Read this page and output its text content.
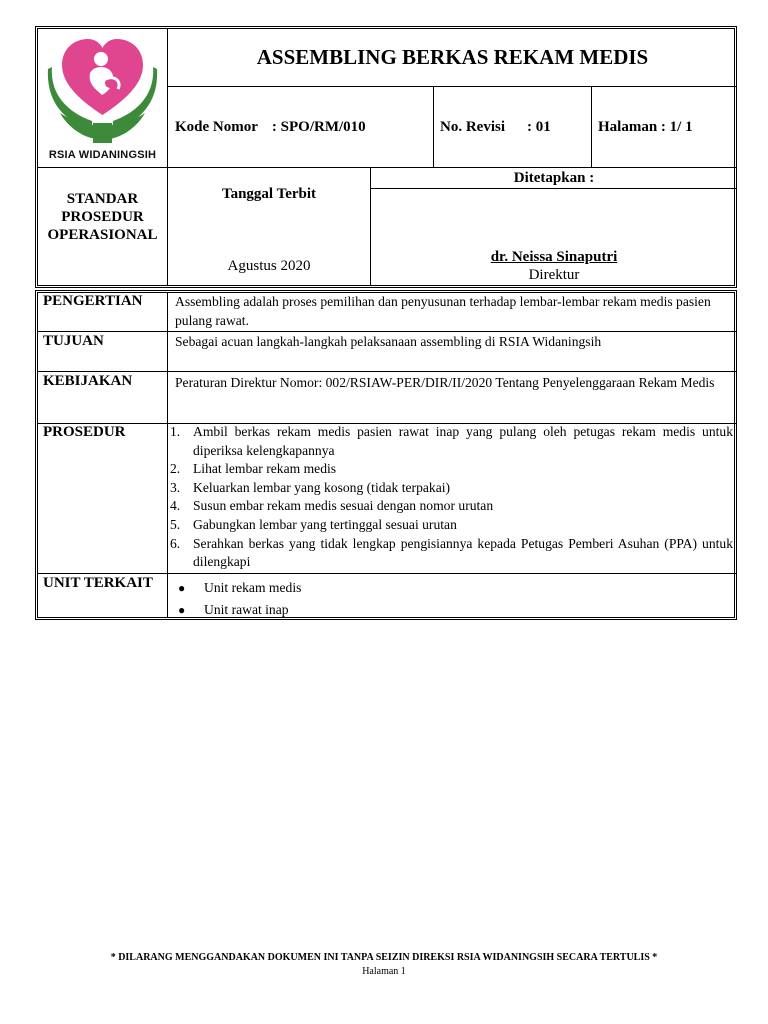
RSIA WIDANINGSIH
ASSEMBLING BERKAS REKAM MEDIS
Kode Nomor : SPO/RM/010	No. Revisi : 01	Halaman : 1/ 1
STANDAR
PROSEDUR
OPERASIONAL
Tanggal Terbit
Agustus 2020
Ditetapkan :
dr. Neissa Sinaputri
Direktur
PENGERTIAN	Assembling adalah proses pemilihan dan penyusunan terhadap lembar-lembar rekam medis pasien
pulang rawat.
TUJUAN	Sebagai acuan langkah-langkah pelaksanaan assembling di RSIA Widaningsih
KEBIJAKAN	Peraturan Direktur Nomor: 002/RSIAW-PER/DIR/II/2020 Tentang Penyelenggaraan Rekam Medis
PROSEDUR	1. Ambil berkas rekam medis pasien rawat inap yang pulang oleh petugas rekam medis untuk diperiksa kelengkapannya
2. Lihat lembar rekam medis
3. Keluarkan lembar yang kosong (tidak terpakai)
4. Susun embar rekam medis sesuai dengan nomor urutan
5. Gabungkan lembar yang tertinggal sesuai urutan
6. Serahkan berkas yang tidak lengkap pengisiannya kepada Petugas Pemberi Asuhan (PPA) untuk dilengkapi
UNIT TERKAIT	●	Unit rekam medis
●	Unit rawat inap
* DILARANG MENGGANDAKAN DOKUMEN INI TANPA SEIZIN DIREKSI RSIA WIDANINGSIH SECARA TERTULIS *
Halaman 1
